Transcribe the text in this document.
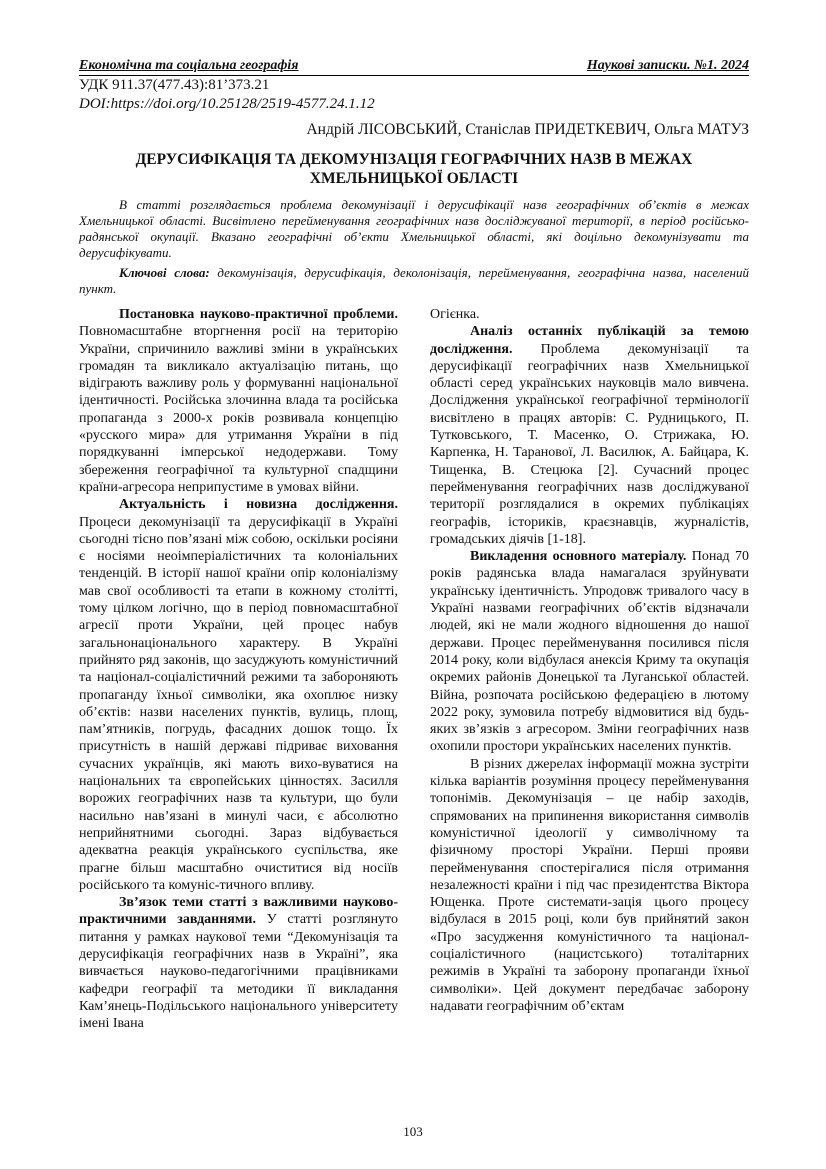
Економічна та соціальна географія	Наукові записки. №1. 2024
УДК 911.37(477.43):81’373.21
DOI:https://doi.org/10.25128/2519-4577.24.1.12
Андрій ЛІСОВСЬКИЙ, Станіслав ПРИДЕТКЕВИЧ, Ольга МАТУЗ
ДЕРУСИФІКАЦІЯ ТА ДЕКОМУНІЗАЦІЯ ГЕОГРАФІЧНИХ НАЗВ В МЕЖАХ ХМЕЛЬНИЦЬКОЇ ОБЛАСТІ
В статті розглядається проблема декомунізації і дерусифікації назв географічних об’єктів в межах Хмельницької області. Висвітлено перейменування географічних назв досліджуваної території, в період російсько-радянської окупації. Вказано географічні об’єкти Хмельницької області, які доцільно декомунізувати та дерусифікувати.
Ключові слова: декомунізація, дерусифікація, деколонізація, перейменування, географічна назва, населений пункт.

Постановка науково-практичної проблеми. Повномасштабне вторгнення росії на територію України, спричинило важливі зміни в українських громадян та викликало актуалізацію питань, що відіграють важливу роль у формуванні національної ідентичності. Російська злочинна влада та російська пропаганда з 2000-х років розвивала концепцію «русского мира» для утримання України в під порядкуванні імперської недодержави. Тому збереження географічної та культурної спадщини країни-агресора неприпустиме в умовах війни.

Актуальність і новизна дослідження. Процеси декомунізації та дерусифікації в Україні сьогодні тісно пов’язані між собою, оскільки росіяни є носіями неоімперіалістичних та колоніальних тенденцій. В історії нашої країни опір колоніалізму мав свої особливості та етапи в кожному столітті, тому цілком логічно, що в період повномасштабної агресії проти України, цей процес набув загальнонаціонального характеру. В Україні прийнято ряд законів, що засуджують комуністичний та націонал-соціалістичний режими та забороняють пропаганду їхньої символіки, яка охоплює низку об’єктів: назви населених пунктів, вулиць, площ, пам’ятників, погрудь, фасадних дошок тощо. Їх присутність в нашій державі підриває виховання сучасних українців, які мають вихо-вуватися на національних та європейських цінностях. Засилля ворожих географічних назв та культури, що були насильно нав’язані в минулі часи, є абсолютно неприйнятними сьогодні. Зараз відбувається адекватна реакція українського суспільства, яке прагне більш масштабно очиститися від носіїв російського та комуніс-тичного впливу.

Зв’язок теми статті з важливими науково-практичними завданнями. У статті розглянуто питання у рамках наукової теми “Декомунізація та дерусифікація географічних назв в Україні”, яка вивчається науково-педагогічними працівниками кафедри географії та методики її викладання Кам’янець-Подільського національного університету імені Івана

Огієнка.

Аналіз останніх публікацій за темою дослідження. Проблема декомунізації та дерусифікації географічних назв Хмельницької області серед українських науковців мало вивчена. Дослідження української географічної термінології висвітлено в працях авторів: С. Рудницького, П. Тутковського, Т. Масенко, О. Стрижака, Ю. Карпенка, Н. Таранової, Л. Василюк, А. Байцара, К. Тищенка, В. Стецюка [2]. Сучасний процес перейменування географічних назв досліджуваної території розглядалися в окремих публікаціях географів, істориків, краєзнавців, журналістів, громадських діячів [1-18].

Викладення основного матеріалу. Понад 70 років радянська влада намагалася зруйнувати українську ідентичність. Упродовж тривалого часу в Україні назвами географічних об’єктів відзначали людей, які не мали жодного відношення до нашої держави. Процес перейменування посилився після 2014 року, коли відбулася анексія Криму та окупація окремих районів Донецької та Луганської областей. Війна, розпочата російською федерацією в лютому 2022 року, зумовила потребу відмовитися від будь-яких зв’язків з агресором. Зміни географічних назв охопили простори українських населених пунктів.

В різних джерелах інформації можна зустріти кілька варіантів розуміння процесу перейменування топонімів. Декомунізація – це набір заходів, спрямованих на припинення використання символів комуністичної ідеології у символічному та фізичному просторі України. Перші прояви перейменування спостерігалися після отримання незалежності країни і під час президентства Віктора Ющенка. Проте системати-зація цього процесу відбулася в 2015 році, коли був прийнятий закон «Про засудження комуністичного та націонал-соціалістичного (нацистського) тоталітарних режимів в Україні та заборону пропаганди їхньої символіки». Цей документ передбачає заборону надавати географічним об’єктам

103
